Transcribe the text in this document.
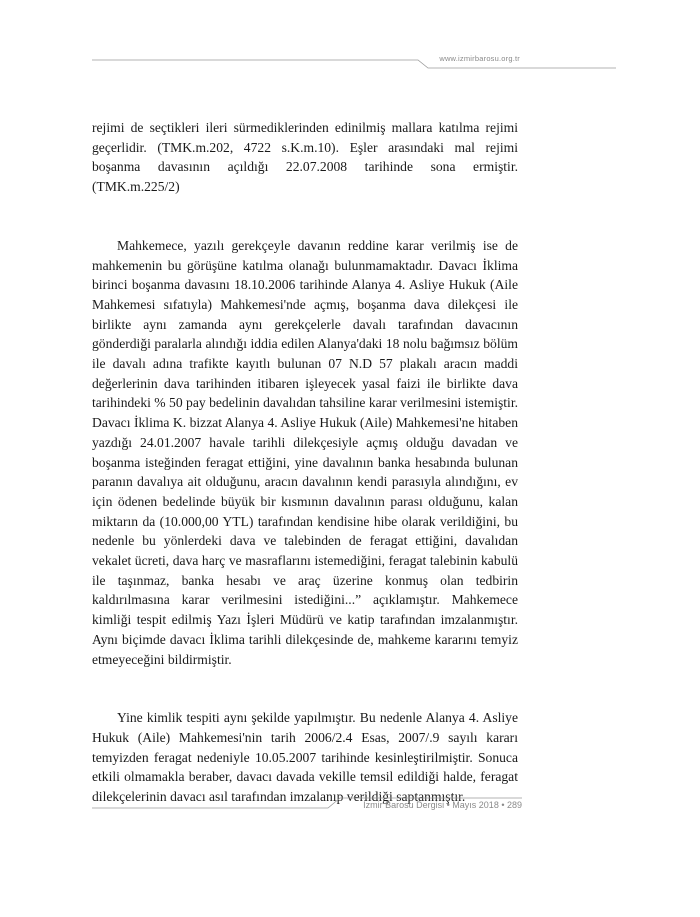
www.izmirbarosu.org.tr

rejimi de seçtikleri ileri sürmediklerinden edinilmiş mallara katılma rejimi geçerlidir. (TMK.m.202, 4722 s.K.m.10). Eşler arasındaki mal rejimi boşanma davasının açıldığı 22.07.2008 tarihinde sona ermiştir. (TMK.m.225/2)

Mahkemece, yazılı gerekçeyle davanın reddine karar verilmiş ise de mahkemenin bu görüşüne katılma olanağı bulunmamaktadır. Davacı İklima birinci boşanma davasını 18.10.2006 tarihinde Alanya 4. Asliye Hukuk (Aile Mahkemesi sıfatıyla) Mahkemesi'nde açmış, boşanma dava dilekçesi ile birlikte aynı zamanda aynı gerekçelerle davalı tarafından davacının gönderdiği paralarla alındığı iddia edilen Alanya'daki 18 nolu bağımsız bölüm ile davalı adına trafikte kayıtlı bulunan 07 N.D 57 plakalı aracın maddi değerlerinin dava tarihinden itibaren işleyecek yasal faizi ile birlikte dava tarihindeki % 50 pay bedelinin davalıdan tahsiline karar verilmesini istemiştir. Davacı İklima K. bizzat Alanya 4. Asliye Hukuk (Aile) Mahkemesi'ne hitaben yazdığı 24.01.2007 havale tarihli dilekçesiyle açmış olduğu davadan ve boşanma isteğinden feragat ettiğini, yine davalının banka hesabında bulunan paranın davalıya ait olduğunu, aracın davalının kendi parasıyla alındığını, ev için ödenen bedelinde büyük bir kısmının davalının parası olduğunu, kalan miktarın da (10.000,00 YTL) tarafından kendisine hibe olarak verildiğini, bu nedenle bu yönlerdeki dava ve talebinden de feragat ettiğini, davalıdan vekalet ücreti, dava harç ve masraflarını istemediğini, feragat talebinin kabulü ile taşınmaz, banka hesabı ve araç üzerine konmuş olan tedbirin kaldırılmasına karar verilmesini istediğini...” açıklamıştır. Mahkemece kimliği tespit edilmiş Yazı İşleri Müdürü ve katip tarafından imzalanmıştır. Aynı biçimde davacı İklima tarihli dilekçesinde de, mahkeme kararını temyiz etmeyeceğini bildirmiştir.

Yine kimlik tespiti aynı şekilde yapılmıştır. Bu nedenle Alanya 4. Asliye Hukuk (Aile) Mahkemesi'nin tarih 2006/2.4 Esas, 2007/.9 sayılı kararı temyizden feragat nedeniyle 10.05.2007 tarihinde kesinleştirilmiştir. Sonuca etkili olmamakla beraber, davacı davada vekille temsil edildiği halde, feragat dilekçelerinin davacı asıl tarafından imzalanıp verildiği saptanmıştır.

İzmir Barosu Dergisi • Mayıs 2018 • 289
